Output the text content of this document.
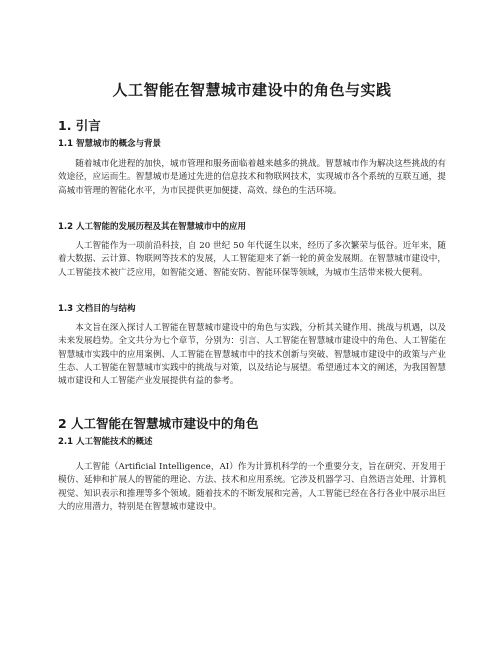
人工智能在智慧城市建设中的角色与实践
1. 引言
1.1 智慧城市的概念与背景

随着城市化进程的加快，城市管理和服务面临着越来越多的挑战。智慧城市作为解决这些挑战的有效途径，应运而生。智慧城市是通过先进的信息技术和物联网技术，实现城市各个系统的互联互通，提高城市管理的智能化水平，为市民提供更加便捷、高效、绿色的生活环境。

1.2 人工智能的发展历程及其在智慧城市中的应用

人工智能作为一项前沿科技，自 20 世纪 50 年代诞生以来，经历了多次繁荣与低谷。近年来，随着大数据、云计算、物联网等技术的发展，人工智能迎来了新一轮的黄金发展期。在智慧城市建设中，人工智能技术被广泛应用，如智能交通、智能安防、智能环保等领域，为城市生活带来极大便利。

1.3 文档目的与结构

本文旨在深入探讨人工智能在智慧城市建设中的角色与实践，分析其关键作用、挑战与机遇，以及未来发展趋势。全文共分为七个章节，分别为：引言、人工智能在智慧城市建设中的角色、人工智能在智慧城市实践中的应用案例、人工智能在智慧城市中的技术创新与突破、智慧城市建设中的政策与产业生态、人工智能在智慧城市实践中的挑战与对策，以及结论与展望。希望通过本文的阐述，为我国智慧城市建设和人工智能产业发展提供有益的参考。

2 人工智能在智慧城市建设中的角色
2.1 人工智能技术的概述

人工智能（Artificial Intelligence，AI）作为计算机科学的一个重要分支，旨在研究、开发用于模仿、延伸和扩展人的智能的理论、方法、技术和应用系统。它涉及机器学习、自然语言处理、计算机视觉、知识表示和推理等多个领域。随着技术的不断发展和完善，人工智能已经在各行各业中展示出巨大的应用潜力，特别是在智慧城市建设中。
